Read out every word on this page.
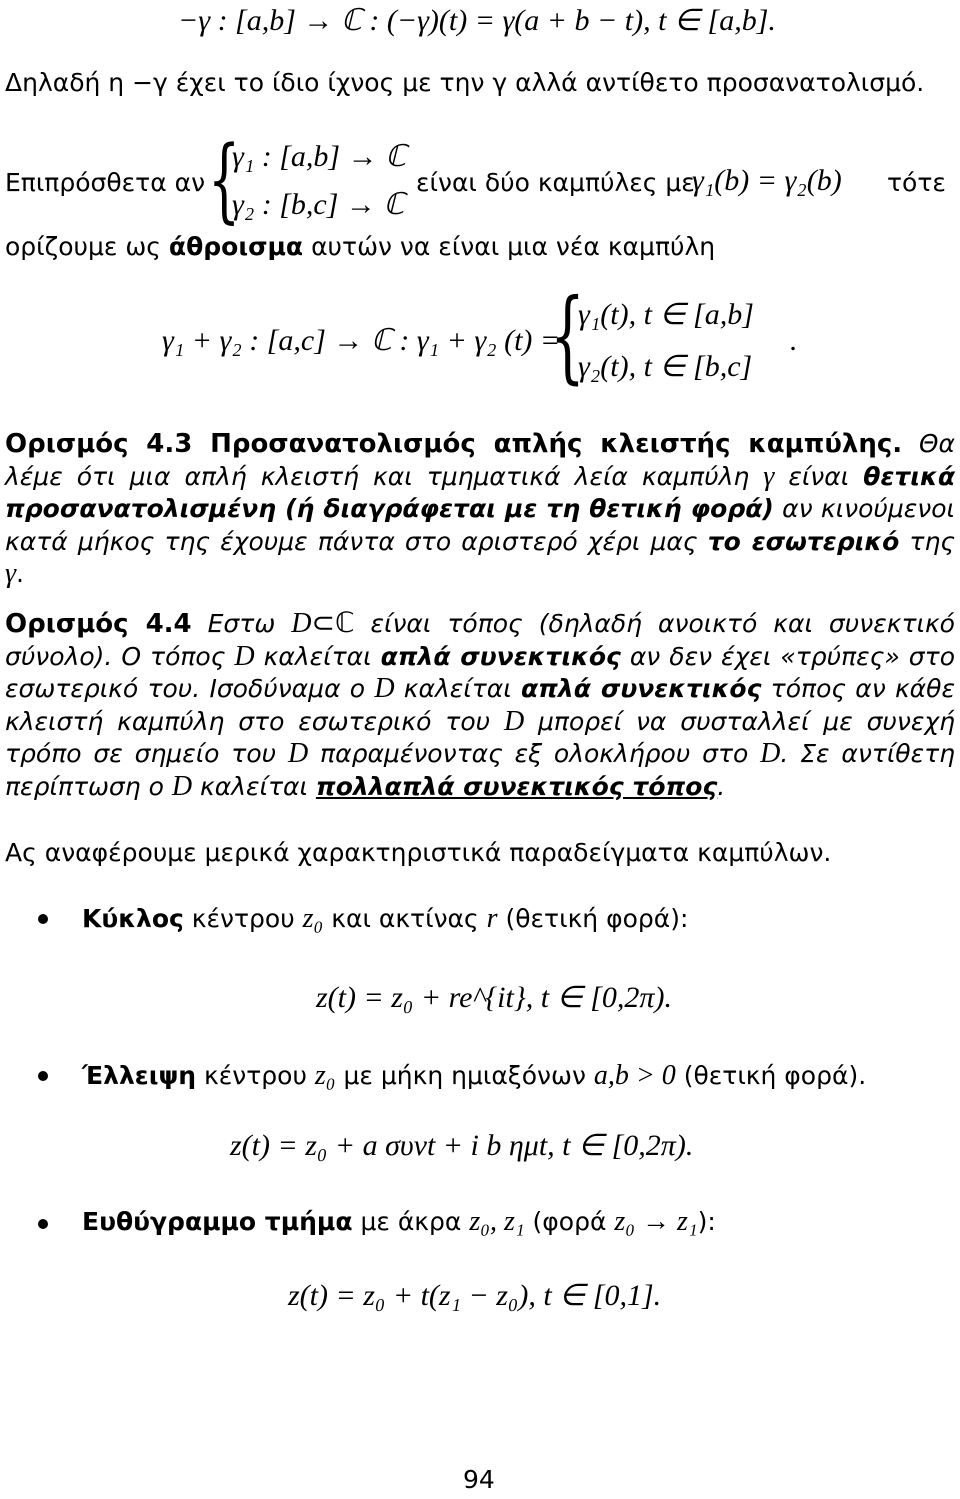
−γ : [a,b] → ℂ : (−γ)(t) = γ(a + b − t), t ∈ [a,b].
Δηλαδή η −γ έχει το ίδιο ίχνος με την γ αλλά αντίθετο προσανατολισμό.
Επιπρόσθετα αν {
γ₁ : [a,b] → ℂ
γ₂ : [b,c] → ℂ
είναι δύο καμπύλες με
γ₁(b) = γ₂(b) τότε
ορίζουμε ως άθροισμα αυτών να είναι μια νέα καμπύλη
γ₁ + γ₂ : [a,c] → ℂ : γ₁ + γ₂ (t) =
{
γ₁(t), t ∈ [a,b]
γ₂(t), t ∈ [b,c]
.
Ορισμός 4.3 Προσανατολισμός απλής κλειστής καμπύλης. Θα λέμε ότι μια απλή κλειστή και τμηματικά λεία καμπύλη γ είναι θετικά προσανατολισμένη (ή διαγράφεται με τη θετική φορά) αν κινούμενοι κατά μήκος της έχουμε πάντα στο αριστερό χέρι μας το εσωτερικό της γ.
Ορισμός 4.4 Εστω D⊂ℂ είναι τόπος (δηλαδή ανοικτό και συνεκτικό σύνολο). Ο τόπος D καλείται απλά συνεκτικός αν δεν έχει «τρύπες» στο εσωτερικό του. Ισοδύναμα ο D καλείται απλά συνεκτικός τόπος αν κάθε κλειστή καμπύλη στο εσωτερικό του D μπορεί να συσταλλεί με συνεχή τρόπο σε σημείο του D παραμένοντας εξ ολοκλήρου στο D. Σε αντίθετη περίπτωση ο D καλείται πολλαπλά συνεκτικός τόπος.
Ας αναφέρουμε μερικά χαρακτηριστικά παραδείγματα καμπύλων.
Κύκλος κέντρου z₀ και ακτίνας r (θετική φορά):
z(t) = z₀ + re^{it}, t ∈ [0,2π).
Έλλειψη κέντρου z₀ με μήκη ημιαξόνων a,b > 0 (θετική φορά).
z(t) = z₀ + a συνt + i b ημt, t ∈ [0,2π).
Ευθύγραμμο τμήμα με άκρα z₀, z₁ (φορά z₀ → z₁):
z(t) = z₀ + t(z₁ − z₀), t ∈ [0,1].
94
